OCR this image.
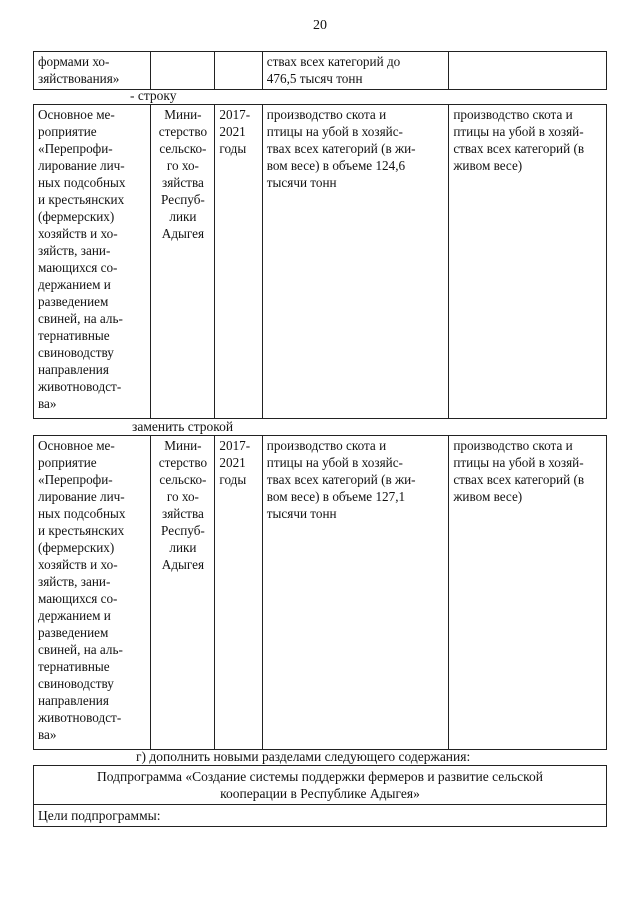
20
формами хо-
зяйствования»			ствах всех категорий до
476,5 тысяч тонн	
- строку
Основное ме-
роприятие
«Перепрофи-
лирование лич-
ных подсобных
и крестьянских
(фермерских)
хозяйств и хо-
зяйств, зани-
мающихся со-
держанием и
разведением
свиней, на аль-
тернативные
свиноводству
направления
животноводст-
ва»	Мини-
стерство
сельско-
го хо-
зяйства
Респуб-
лики
Адыгея	2017-
2021
годы	производство скота и
птицы на убой в хозяйс-
твах всех категорий (в жи-
вом весе) в объеме 124,6
тысячи тонн	производство скота и
птицы на убой в хозяй-
ствах всех категорий (в
живом весе)
заменить строкой
Основное ме-
роприятие
«Перепрофи-
лирование лич-
ных подсобных
и крестьянских
(фермерских)
хозяйств и хо-
зяйств, зани-
мающихся со-
держанием и
разведением
свиней, на аль-
тернативные
свиноводству
направления
животноводст-
ва»	Мини-
стерство
сельско-
го хо-
зяйства
Респуб-
лики
Адыгея	2017-
2021
годы	производство скота и
птицы на убой в хозяйс-
твах всех категорий (в жи-
вом весе) в объеме 127,1
тысячи тонн	производство скота и
птицы на убой в хозяй-
ствах всех категорий (в
живом весе)
г) дополнить новыми разделами следующего содержания:
Подпрограмма «Создание системы поддержки фермеров и развитие сельской
кооперации в Республике Адыгея»
Цели подпрограммы:
